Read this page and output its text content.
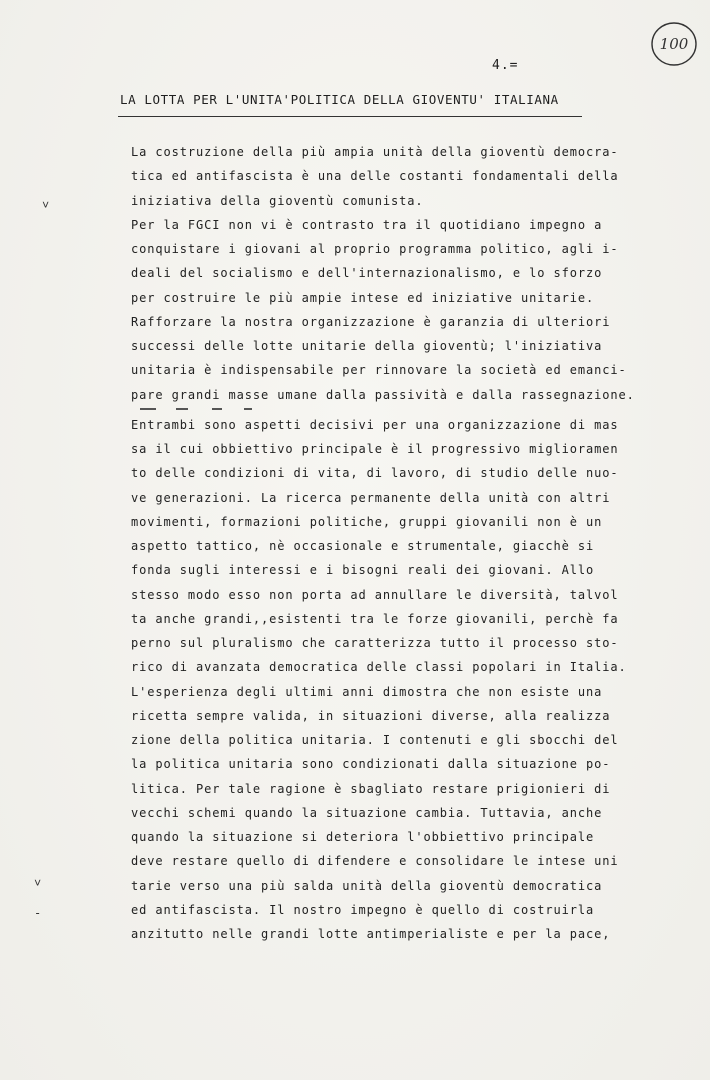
100
4.=
LA LOTTA PER L'UNITA'POLITICA DELLA GIOVENTU' ITALIANA
˅
˅
-
La costruzione della più ampia unità della gioventù democra-
tica ed antifascista è una delle costanti fondamentali della
iniziativa della gioventù comunista.
Per la FGCI non vi è contrasto tra il quotidiano impegno a
conquistare i giovani al proprio programma politico, agli i-
deali del socialismo e dell'internazionalismo, e lo sforzo
per costruire le più ampie intese ed iniziative unitarie.
Rafforzare la nostra organizzazione è garanzia di ulteriori
successi delle lotte unitarie della gioventù; l'iniziativa
unitaria è indispensabile per rinnovare la società ed emanci-
pare grandi masse umane dalla passività e dalla rassegnazione.
Entrambi sono aspetti decisivi per una organizzazione di mas
sa il cui obbiettivo principale è il progressivo miglioramen
to delle condizioni di vita, di lavoro, di studio delle nuo-
ve generazioni. La ricerca permanente della unità con altri
movimenti, formazioni politiche, gruppi giovanili non è un
aspetto tattico, nè occasionale e strumentale, giacchè si
fonda sugli interessi e i bisogni reali dei giovani. Allo
stesso modo esso non porta ad annullare le diversità, talvol
ta anche grandi,,esistenti tra le forze giovanili, perchè fa
perno sul pluralismo che caratterizza tutto il processo sto-
rico di avanzata democratica delle classi popolari in Italia.
L'esperienza degli ultimi anni dimostra che non esiste una
ricetta sempre valida, in situazioni diverse, alla realizza
zione della politica unitaria. I contenuti e gli sbocchi del
la politica unitaria sono condizionati dalla situazione po-
litica. Per tale ragione è sbagliato restare prigionieri di
vecchi schemi quando la situazione cambia. Tuttavia, anche
quando la situazione si deteriora l'obbiettivo principale
deve restare quello di difendere e consolidare le intese uni
tarie verso una più salda unità della gioventù democratica
ed antifascista. Il nostro impegno è quello di costruirla
anzitutto nelle grandi lotte antimperialiste e per la pace,
